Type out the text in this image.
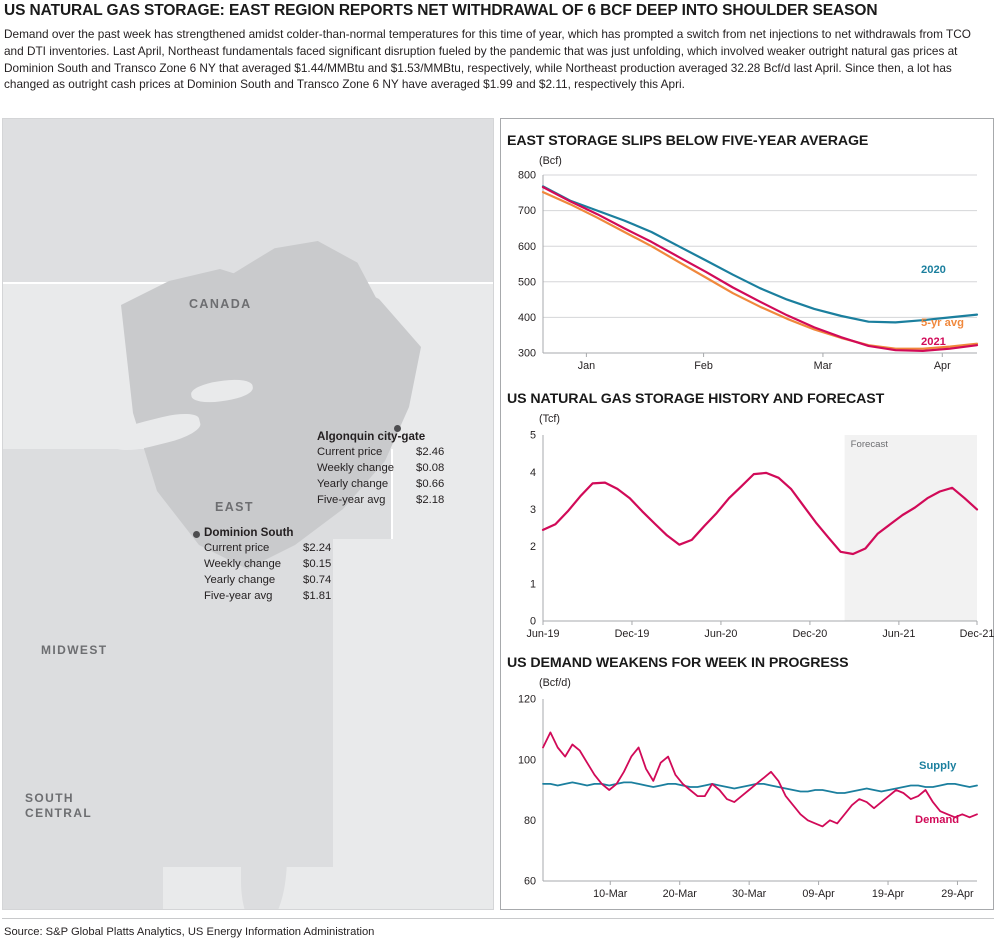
US NATURAL GAS STORAGE: EAST REGION REPORTS NET WITHDRAWAL OF 6 BCF DEEP INTO SHOULDER SEASON
Demand over the past week has strengthened amidst colder-than-normal temperatures for this time of year, which has prompted a switch from net injections to net withdrawals from TCO and DTI inventories. Last April, Northeast fundamentals faced significant disruption fueled by the pandemic that was just unfolding, which involved weaker outright natural gas prices at Dominion South and Transco Zone 6 NY that averaged $1.44/MMBtu and $1.53/MMBtu, respectively, while Northeast production averaged 32.28 Bcf/d last April. Since then, a lot has changed as outright cash prices at Dominion South and Transco Zone 6 NY have averaged $1.99 and $2.11, respectively this Apri.
CANADA
EAST
MIDWEST
SOUTH CENTRAL
Algonquin city-gate
Current price	$2.46
Weekly change	$0.08
Yearly change	$0.66
Five-year avg	$2.18
Dominion South
Current price	$2.24
Weekly change	$0.15
Yearly change	$0.74
Five-year avg	$1.81
EAST STORAGE SLIPS BELOW FIVE-YEAR AVERAGE
(Bcf)
300
400
500
600
700
800
Jan	Feb	Mar	Apr
2020
5-yr avg
2021
US NATURAL GAS STORAGE HISTORY AND FORECAST
(Tcf)
Forecast
0
1
2
3
4
5
Jun-19	Dec-19	Jun-20	Dec-20	Jun-21	Dec-21
US DEMAND WEAKENS FOR WEEK IN PROGRESS
(Bcf/d)
60
80
100
120
10-Mar	20-Mar	30-Mar	09-Apr	19-Apr	29-Apr
Supply
Demand
Source: S&P Global Platts Analytics, US Energy Information Administration
